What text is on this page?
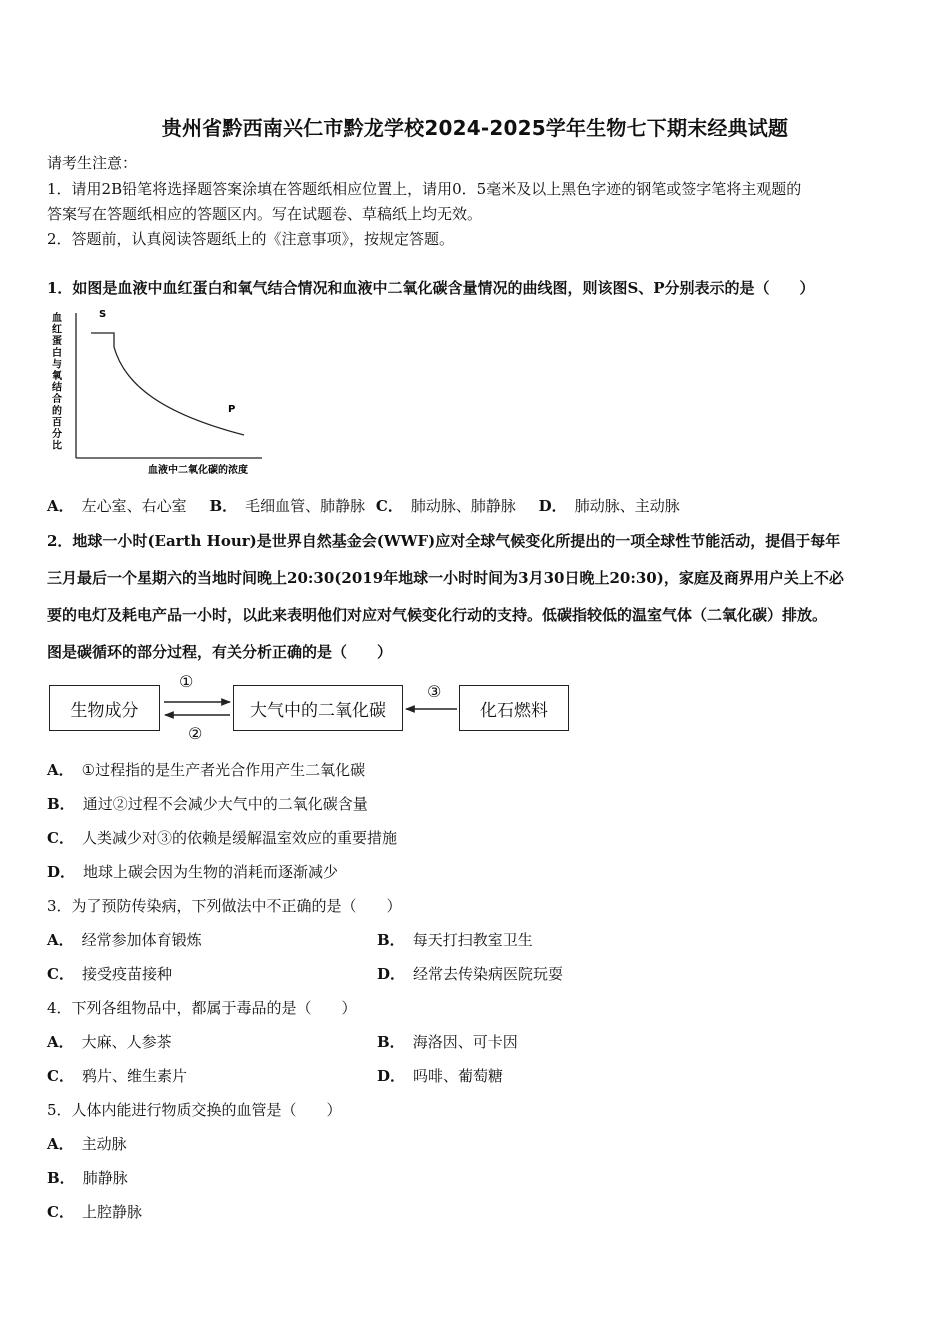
贵州省黔西南兴仁市黔龙学校2024-2025学年生物七下期末经典试题
请考生注意：
1．请用2B铅笔将选择题答案涂填在答题纸相应位置上，请用0．5毫米及以上黑色字迹的钢笔或签字笔将主观题的
答案写在答题纸相应的答题区内。写在试题卷、草稿纸上均无效。
2．答题前，认真阅读答题纸上的《注意事项》，按规定答题。
1．如图是血液中血红蛋白和氧气结合情况和血液中二氧化碳含量情况的曲线图，则该图S、P分别表示的是（　　）
血
红
蛋
白
与
氧
结
合
的
百
分
比
S
P
血液中二氧化碳的浓度
A． 左心室、右心室 B． 毛细血管、肺静脉 C． 肺动脉、肺静脉 D． 肺动脉、主动脉
2．地球一小时(Earth Hour)是世界自然基金会(WWF)应对全球气候变化所提出的一项全球性节能活动，提倡于每年
三月最后一个星期六的当地时间晚上20:30(2019年地球一小时时间为3月30日晚上20:30)，家庭及商界用户关上不必
要的电灯及耗电产品一小时，以此来表明他们对应对气候变化行动的支持。低碳指较低的温室气体（二氧化碳）排放。
图是碳循环的部分过程，有关分析正确的是（　　）
生物成分	大气中的二氧化碳	化石燃料
①
②
③
A． ①过程指的是生产者光合作用产生二氧化碳
B． 通过②过程不会减少大气中的二氧化碳含量
C． 人类减少对③的依赖是缓解温室效应的重要措施
D． 地球上碳会因为生物的消耗而逐渐减少
3．为了预防传染病，下列做法中不正确的是（　　）
A． 经常参加体育锻炼	B． 每天打扫教室卫生
C． 接受疫苗接种	D． 经常去传染病医院玩耍
4．下列各组物品中，都属于毒品的是（　　）
A． 大麻、人参茶	B． 海洛因、可卡因
C． 鸦片、维生素片	D． 吗啡、葡萄糖
5．人体内能进行物质交换的血管是（　　）
A． 主动脉
B． 肺静脉
C． 上腔静脉
